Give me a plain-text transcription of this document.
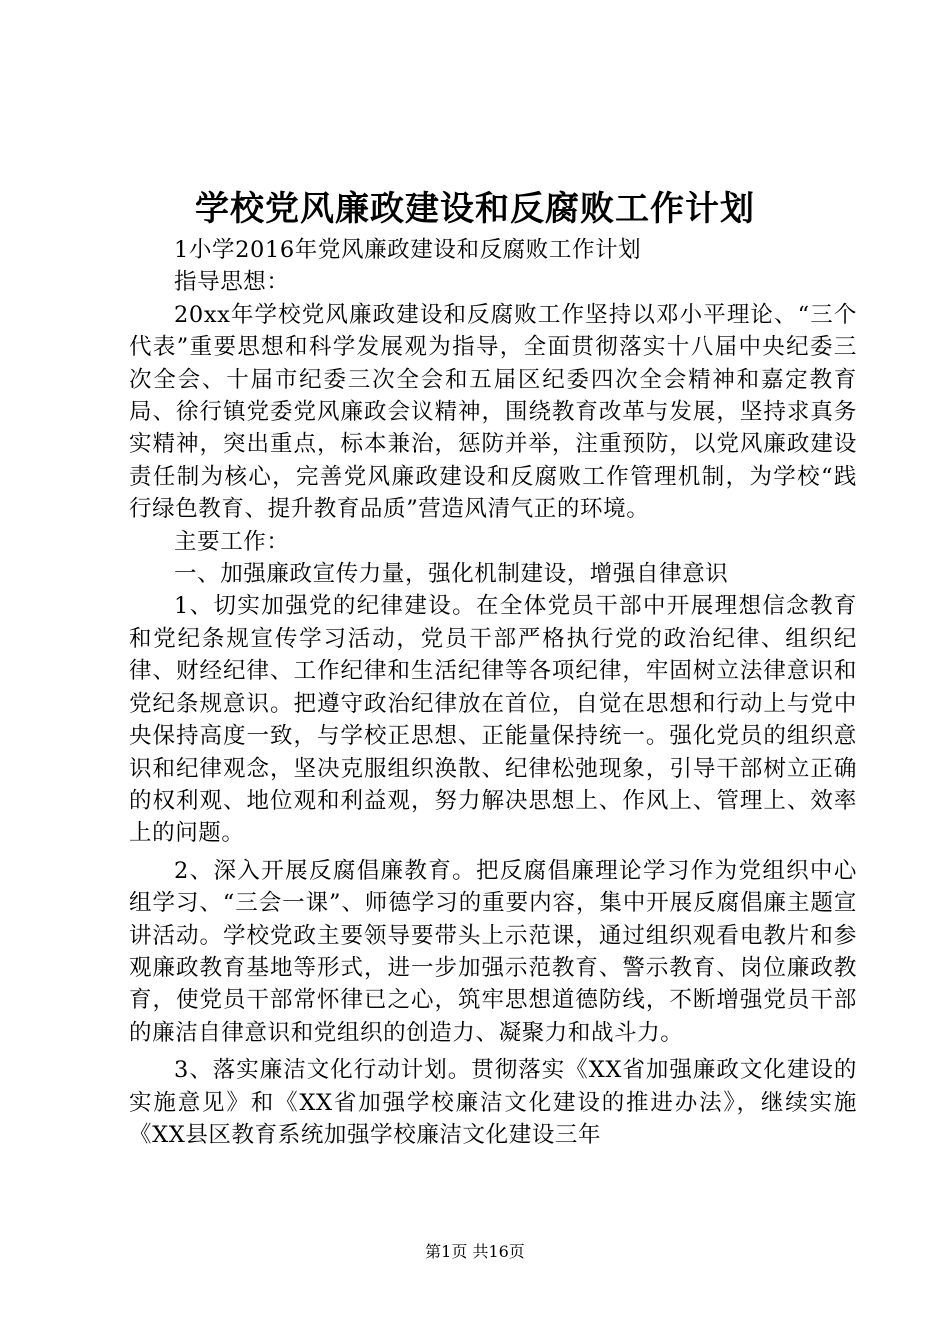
学校党风廉政建设和反腐败工作计划

1小学2016年党风廉政建设和反腐败工作计划

指导思想：

20xx年学校党风廉政建设和反腐败工作坚持以邓小平理论、“三个代表”重要思想和科学发展观为指导，全面贯彻落实十八届中央纪委三次全会、十届市纪委三次全会和五届区纪委四次全会精神和嘉定教育局、徐行镇党委党风廉政会议精神，围绕教育改革与发展，坚持求真务实精神，突出重点，标本兼治，惩防并举，注重预防，以党风廉政建设责任制为核心，完善党风廉政建设和反腐败工作管理机制，为学校“践行绿色教育、提升教育品质”营造风清气正的环境。

主要工作：

一、加强廉政宣传力量，强化机制建设，增强自律意识

1、切实加强党的纪律建设。在全体党员干部中开展理想信念教育和党纪条规宣传学习活动，党员干部严格执行党的政治纪律、组织纪律、财经纪律、工作纪律和生活纪律等各项纪律，牢固树立法律意识和党纪条规意识。把遵守政治纪律放在首位，自觉在思想和行动上与党中央保持高度一致，与学校正思想、正能量保持统一。强化党员的组织意识和纪律观念，坚决克服组织涣散、纪律松弛现象，引导干部树立正确的权利观、地位观和利益观，努力解决思想上、作风上、管理上、效率上的问题。

2、深入开展反腐倡廉教育。把反腐倡廉理论学习作为党组织中心组学习、“三会一课”、师德学习的重要内容，集中开展反腐倡廉主题宣讲活动。学校党政主要领导要带头上示范课，通过组织观看电教片和参观廉政教育基地等形式，进一步加强示范教育、警示教育、岗位廉政教育，使党员干部常怀律已之心，筑牢思想道德防线，不断增强党员干部的廉洁自律意识和党组织的创造力、凝聚力和战斗力。

3、落实廉洁文化行动计划。贯彻落实《XX省加强廉政文化建设的实施意见》和《XX省加强学校廉洁文化建设的推进办法》，继续实施《XX县区教育系统加强学校廉洁文化建设三年

第1页 共16页
